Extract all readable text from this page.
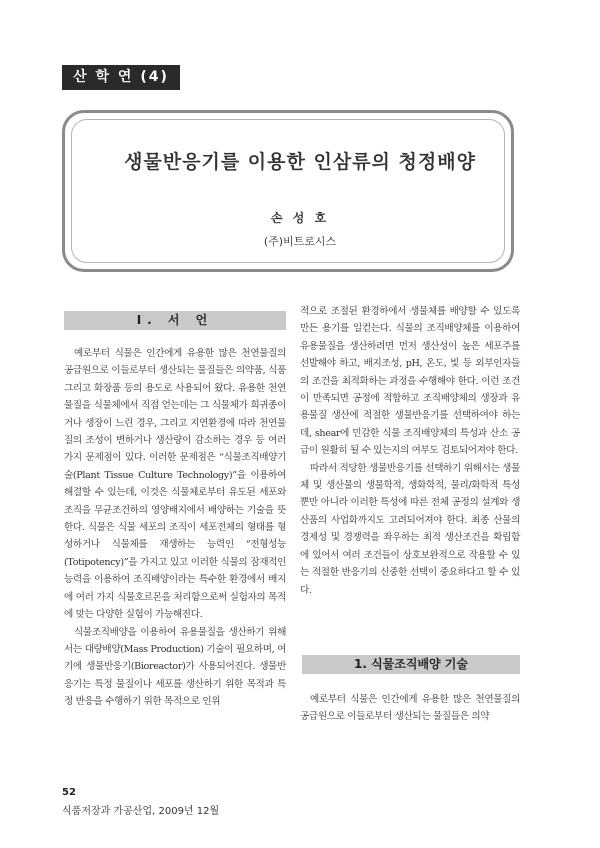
산 학 연 (4)
생물반응기를 이용한 인삼류의 청정배양
손 성 호
(주)비트로시스
Ⅰ. 서 언

예로부터 식물은 인간에게 유용한 많은 천연물질의 공급원으로 이들로부터 생산되는 물질들은 의약품, 식품 그리고 화장품 등의 용도로 사용되어 왔다. 유용한 천연물질을 식물체에서 직접 얻는데는 그 식물체가 희귀종이거나 생장이 느린 경우, 그리고 지연환경에 따라 천연물질의 조성이 변하거나 생산량이 감소하는 경우 등 여러 가지 문제점이 있다. 이러한 문제점은 “식물조직배양기술(Plant Tissue Culture Technology)”을 이용하여 해결할 수 있는데, 이것은 식물체로부터 유도된 세포와 조직을 무균조건하의 영양배지에서 배양하는 기술을 뜻한다. 식물은 식물 세포의 조직이 세포전체의 형태를 형성하거나 식물체를 재생하는 능력인 “전형성능(Totipotency)”을 가지고 있고 이러한 식물의 잠재적인 능력을 이용하여 조직배양이라는 특수한 환경에서 배지에 여러 가지 식물호르몬을 처리함으로써 실험자의 목적에 맞는 다양한 실험이 가능해진다.

식물조직배양을 이용하여 유용물질을 생산하기 위해서는 대량배양(Mass Production) 기술이 필요하며, 여기에 생물반응기(Bioreactor)가 사용되어진다. 생물반응기는 특정 물질이나 세포를 생산하기 위한 목적과 특정 반응을 수행하기 위한 목적으로 인위

적으로 조절된 환경하에서 생물체를 배양할 수 있도록 만든 용기를 일컫는다. 식물의 조직배양체를 이용하여 유용물질을 생산하려면 먼저 생산성이 높은 세포주를 선발해야 하고, 배지조성, pH, 온도, 빛 등 외부인자들의 조건을 최적화하는 과정을 수행해야 한다. 이런 조건이 만족되면 공정에 적합하고 조직배양체의 생장과 유용물질 생산에 적절한 생물반응기를 선택하여야 하는데, shear에 민감한 식물 조직배양체의 특성과 산소 공급이 원활히 될 수 있는지의 여부도 검토되어져야 한다.

따라서 적당한 생물반응기를 선택하기 위해서는 생물체 및 생산물의 생물학적, 생화학적, 물리/화학적 특성 뿐만 아니라 이러한 특성에 따른 전체 공정의 설계와 생산품의 사업화까지도 고려되어져야 한다. 최종 산물의 경제성 및 경쟁력을 좌우하는 최적 생산조건을 확립함에 있어서 여러 조건들이 상호보완적으로 작용할 수 있는 적절한 반응기의 신중한 선택이 중요하다고 할 수 있다.

1. 식물조직배양 기술

예로부터 식물은 인간에게 유용한 많은 천연물질의 공급원으로 이들로부터 생산되는 물질들은 의약

52
식품저장과 가공산업, 2009년 12월
